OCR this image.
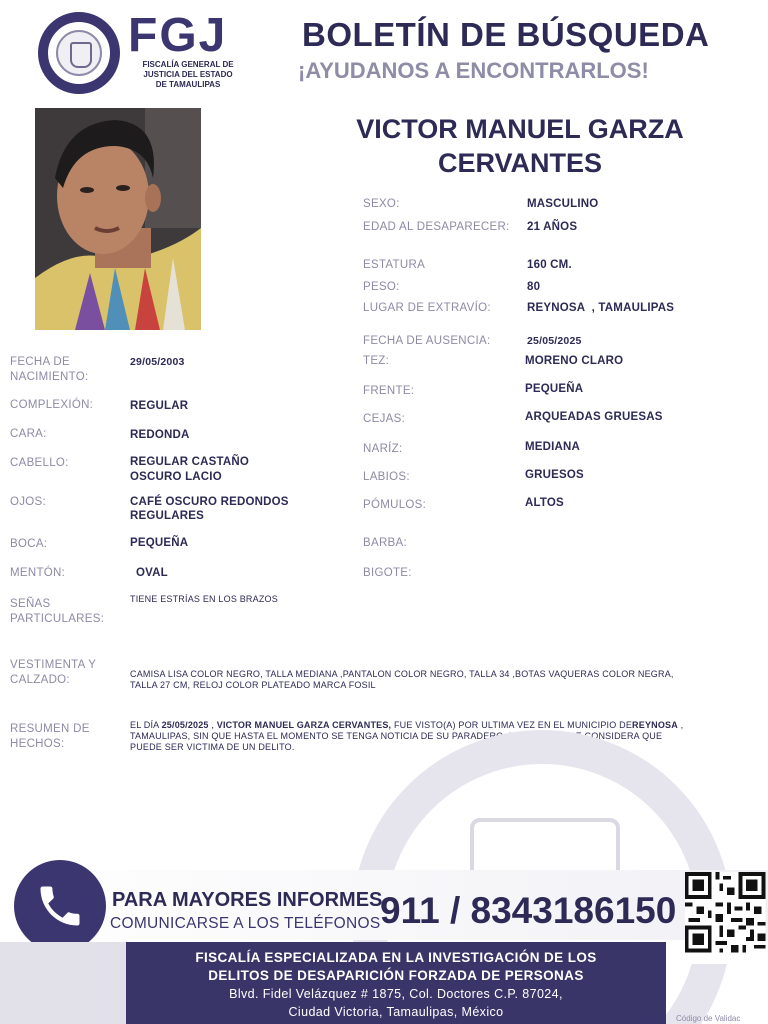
FGJ
FISCALÍA GENERAL DE
JUSTICIA DEL ESTADO
DE TAMAULIPAS
BOLETÍN DE BÚSQUEDA
¡AYUDANOS A ENCONTRARLOS!
VICTOR MANUEL GARZA
CERVANTES
SEXO:	MASCULINO
EDAD AL DESAPARECER: 21 AÑOS
ESTATURA	160 CM.
PESO:	80
LUGAR DE EXTRAVÍO:	REYNOSA  , TAMAULIPAS
FECHA DE AUSENCIA:	25/05/2025
TEZ:	MORENO CLARO
FRENTE:	PEQUEÑA
CEJAS:	ARQUEADAS GRUESAS
NARÍZ:	MEDIANA
LABIOS:	GRUESOS
PÓMULOS:	ALTOS
BARBA:
BIGOTE:
FECHA DE
NACIMIENTO:
29/05/2003
COMPLEXIÓN:	REGULAR
CARA:	REDONDA
CABELLO:	REGULAR CASTAÑO
OSCURO LACIO
OJOS:	CAFÉ OSCURO REDONDOS
REGULARES
BOCA:	PEQUEÑA
MENTÓN:	OVAL
SEÑAS
PARTICULARES:
TIENE ESTRÍAS EN LOS BRAZOS
VESTIMENTA Y
CALZADO:	CAMISA LISA COLOR NEGRO, TALLA MEDIANA ,PANTALON COLOR NEGRO, TALLA 34 ,BOTAS VAQUERAS COLOR NEGRA,
TALLA 27 CM, RELOJ COLOR PLATEADO MARCA FOSIL
RESUMEN DE
HECHOS:
EL DÍA 25/05/2025 , VICTOR MANUEL GARZA CERVANTES, FUE VISTO(A) POR ULTIMA VEZ EN EL MUNICIPIO DEREYNOSA ,
TAMAULIPAS, SIN QUE HASTA EL MOMENTO SE TENGA NOTICIA DE SU PARADERO, POR LO QUE SE CONSIDERA QUE
PUEDE SER VICTIMA DE UN DELITO.
PARA MAYORES INFORMES,
COMUNICARSE A LOS TELÉFONOS 911 / 8343186150
FISCALÍA ESPECIALIZADA EN LA INVESTIGACIÓN DE LOS
DELITOS DE DESAPARICIÓN FORZADA DE PERSONAS
Blvd. Fidel Velázquez # 1875, Col. Doctores C.P. 87024,
Ciudad Victoria, Tamaulipas, México	Código de Validac
